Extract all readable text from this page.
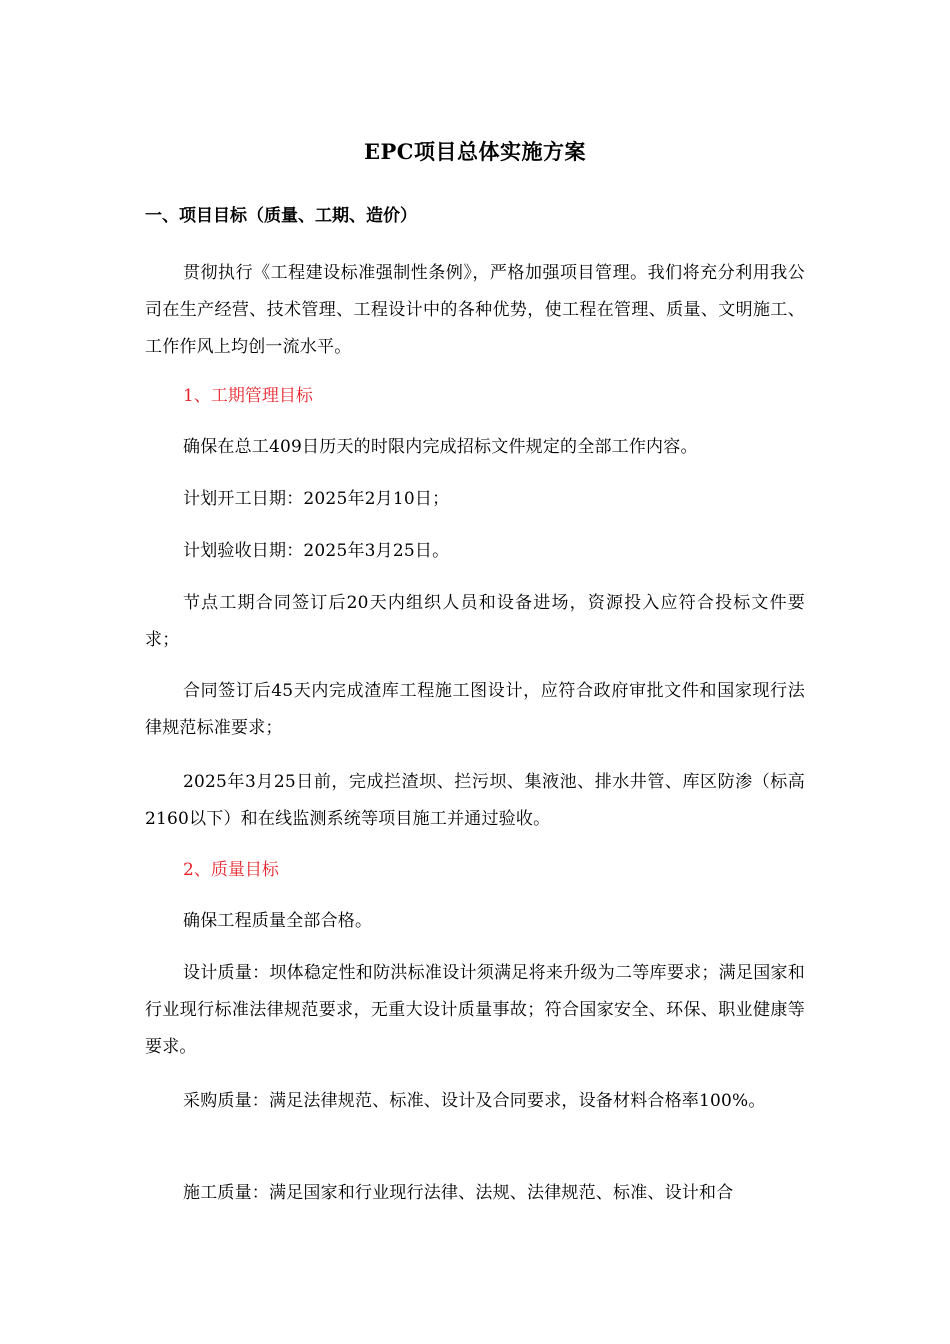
EPC项目总体实施方案
一、项目目标（质量、工期、造价）
贯彻执行《工程建设标准强制性条例》，严格加强项目管理。我们将充分利用我公司在生产经营、技术管理、工程设计中的各种优势，使工程在管理、质量、文明施工、工作作风上均创一流水平。
1、工期管理目标
确保在总工409日历天的时限内完成招标文件规定的全部工作内容。
计划开工日期：2025年2月10日；
计划验收日期：2025年3月25日。
节点工期合同签订后20天内组织人员和设备进场，资源投入应符合投标文件要求；
合同签订后45天内完成渣库工程施工图设计，应符合政府审批文件和国家现行法律规范标准要求；
2025年3月25日前，完成拦渣坝、拦污坝、集液池、排水井管、库区防渗（标高2160以下）和在线监测系统等项目施工并通过验收。
2、质量目标
确保工程质量全部合格。
设计质量：坝体稳定性和防洪标准设计须满足将来升级为二等库要求；满足国家和行业现行标准法律规范要求，无重大设计质量事故；符合国家安全、环保、职业健康等要求。
采购质量：满足法律规范、标准、设计及合同要求，设备材料合格率100%。
施工质量：满足国家和行业现行法律、法规、法律规范、标准、设计和合
